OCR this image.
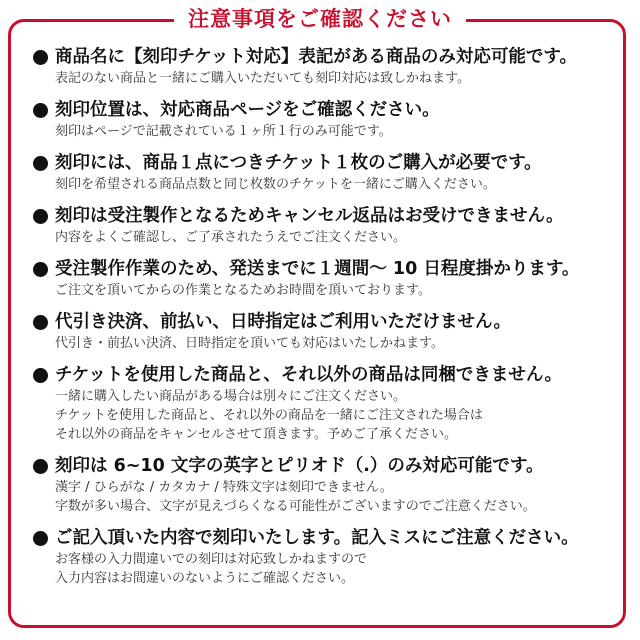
注意事項をご確認ください
商品名に【刻印チケット対応】表記がある商品のみ対応可能です。
表記のない商品と一緒にご購入いただいても刻印対応は致しかねます。
刻印位置は、対応商品ページをご確認ください。
刻印はページで記載されている１ヶ所１行のみ可能です。
刻印には、商品１点につきチケット１枚のご購入が必要です。
刻印を希望される商品点数と同じ枚数のチケットを一緒にご購入ください。
刻印は受注製作となるためキャンセル返品はお受けできません。
内容をよくご確認し、ご了承されたうえでご注文ください。
受注製作作業のため、発送までに１週間～ 10 日程度掛かります。
ご注文を頂いてからの作業となるためお時間を頂いております。
代引き決済、前払い、日時指定はご利用いただけません。
代引き・前払い決済、日時指定を頂いても対応はいたしかねます。
チケットを使用した商品と、それ以外の商品は同梱できません。
一緒に購入したい商品がある場合は別々にご注文ください。
チケットを使用した商品と、それ以外の商品を一緒にご注文された場合は
それ以外の商品をキャンセルさせて頂きます。予めご了承ください。
刻印は 6~10 文字の英字とピリオド（.）のみ対応可能です。
漢字 / ひらがな / カタカナ / 特殊文字は刻印できません。
字数が多い場合、文字が見えづらくなる可能性がございますのでご注意ください。
ご記入頂いた内容で刻印いたします。記入ミスにご注意ください。
お客様の入力間違いでの刻印は対応致しかねますので
入力内容はお間違いのないようにご確認ください。
